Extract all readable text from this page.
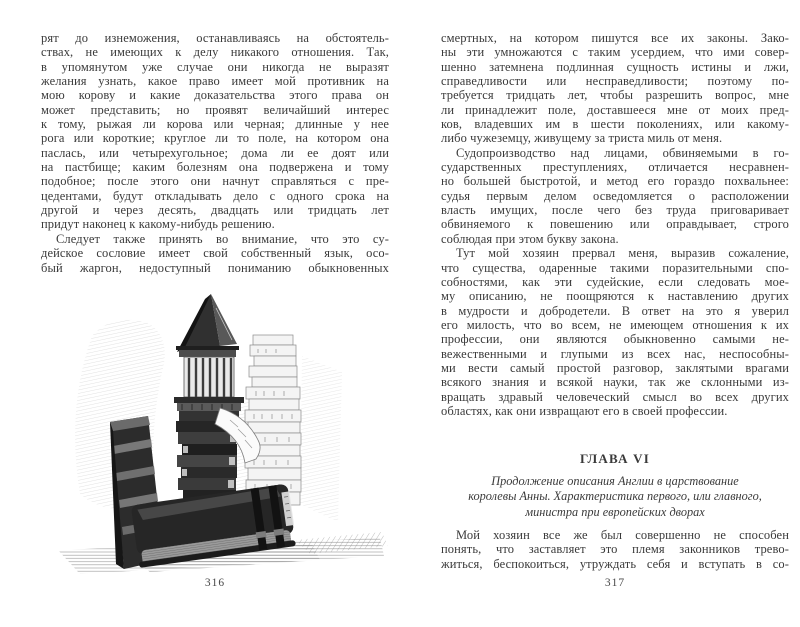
рят до изнеможения, останавливаясь на обстоятель-
ствах, не имеющих к делу никакого отношения. Так,
в упомянутом уже случае они никогда не выразят
желания узнать, какое право имеет мой противник на
мою корову и какие доказательства этого права он
может представить; но проявят величайший интерес
к тому, рыжая ли корова или черная; длинные у нее
рога или короткие; круглое ли то поле, на котором она
паслась, или четырехугольное; дома ли ее доят или
на пастбище; каким болезням она подвержена и тому
подобное; после этого они начнут справляться с пре-
цедентами, будут откладывать дело с одного срока на
другой и через десять, двадцать или тридцать лет
придут наконец к какому-нибудь решению.
Следует также принять во внимание, что это су-
дейское сословие имеет свой собственный язык, осо-
бый жаргон, недоступный пониманию обыкновенных
316
смертных, на котором пишутся все их законы. Зако-
ны эти умножаются с таким усердием, что ими совер-
шенно затемнена подлинная сущность истины и лжи,
справедливости или несправедливости; поэтому по-
требуется тридцать лет, чтобы разрешить вопрос, мне
ли принадлежит поле, доставшееся мне от моих пред-
ков, владевших им в шести поколениях, или какому-
либо чужеземцу, живущему за триста миль от меня.
Судопроизводство над лицами, обвиняемыми в го-
сударственных преступлениях, отличается несравнен-
но большей быстротой, и метод его гораздо похвальнее:
судья первым делом осведомляется о расположении
власть имущих, после чего без труда приговаривает
обвиняемого к повешению или оправдывает, строго
соблюдая при этом букву закона.
Тут мой хозяин прервал меня, выразив сожаление,
что существа, одаренные такими поразительными спо-
собностями, как эти судейские, если следовать мое-
му описанию, не поощряются к наставлению других
в мудрости и добродетели. В ответ на это я уверил
его милость, что во всем, не имеющем отношения к их
профессии, они являются обыкновенно самыми не-
вежественными и глупыми из всех нас, неспособны-
ми вести самый простой разговор, заклятыми врагами
всякого знания и всякой науки, так же склонными из-
вращать здравый человеческий смысл во всех других
областях, как они извращают его в своей профессии.
ГЛАВА VI
Продолжение описания Англии в царствование
королевы Анны. Характеристика первого, или главного,
министра при европейских дворах
Мой хозяин все же был совершенно не способен
понять, что заставляет это племя законников трево-
житься, беспокоиться, утруждать себя и вступать в со-
317
